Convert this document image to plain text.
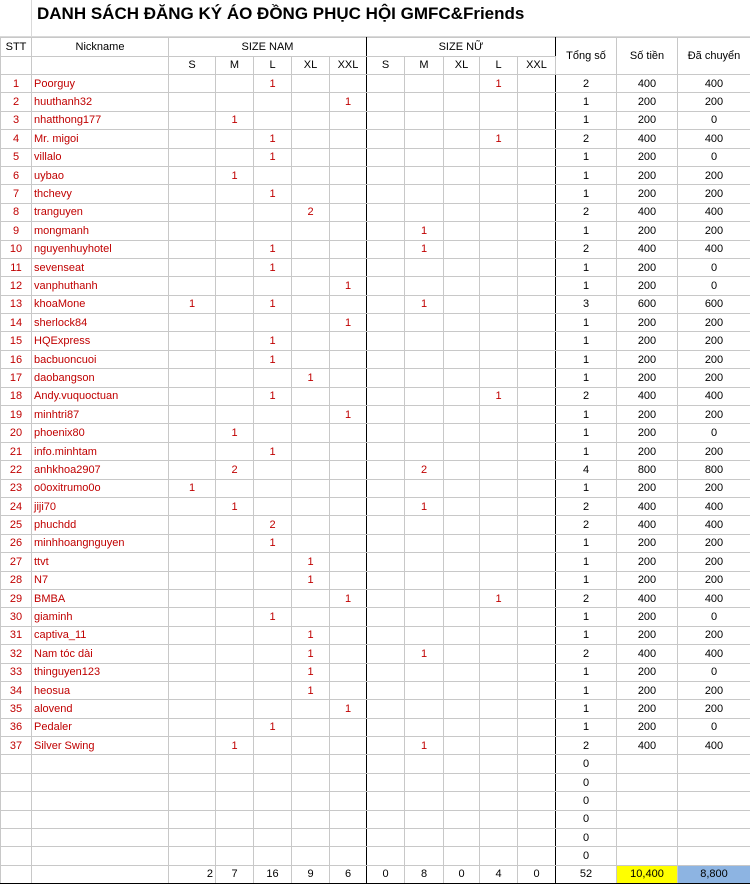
DANH SÁCH ĐĂNG KÝ ÁO ĐỒNG PHỤC HỘI GMFC&Friends
STT	Nickname	SIZE NAM					SIZE NỮ					Tổng số	Số tiền	Đã chuyển
		S	M	L	XL	XXL	S	M	XL	L	XXL			
1	Poorguy			1						1		2	400	400
2	huuthanh32					1						1	200	200
3	nhatthong177		1									1	200	0
4	Mr. migoi			1						1		2	400	400
5	villalo			1								1	200	0
6	uybao		1									1	200	200
7	thchevy			1								1	200	200
8	tranguyen				2							2	400	400
9	mongmanh							1				1	200	200
10	nguyenhuyhotel			1				1				2	400	400
11	sevenseat			1								1	200	0
12	vanphuthanh					1						1	200	0
13	khoaMone	1		1				1				3	600	600
14	sherlock84					1						1	200	200
15	HQExpress			1								1	200	200
16	bacbuoncuoi			1								1	200	200
17	daobangson				1							1	200	200
18	Andy.vuquoctuan			1						1		2	400	400
19	minhtri87					1						1	200	200
20	phoenix80		1									1	200	0
21	info.minhtam			1								1	200	200
22	anhkhoa2907		2					2				4	800	800
23	o0oxitrumo0o	1										1	200	200
24	jiji70		1					1				2	400	400
25	phuchdd			2								2	400	400
26	minhhoangnguyen			1								1	200	200
27	ttvt				1							1	200	200
28	N7				1							1	200	200
29	BMBA					1				1		2	400	400
30	giaminh			1								1	200	0
31	captiva_11				1							1	200	200
32	Nam tóc dài				1			1				2	400	400
33	thinguyen123				1							1	200	0
34	heosua				1							1	200	200
35	alovend					1						1	200	200
36	Pedaler			1								1	200	0
37	Silver Swing		1					1				2	400	400
												0		
												0		
												0		
												0		
												0		
												0		
		2	7	16	9	6	0	8	0	4	0	52	10,400	8,800
